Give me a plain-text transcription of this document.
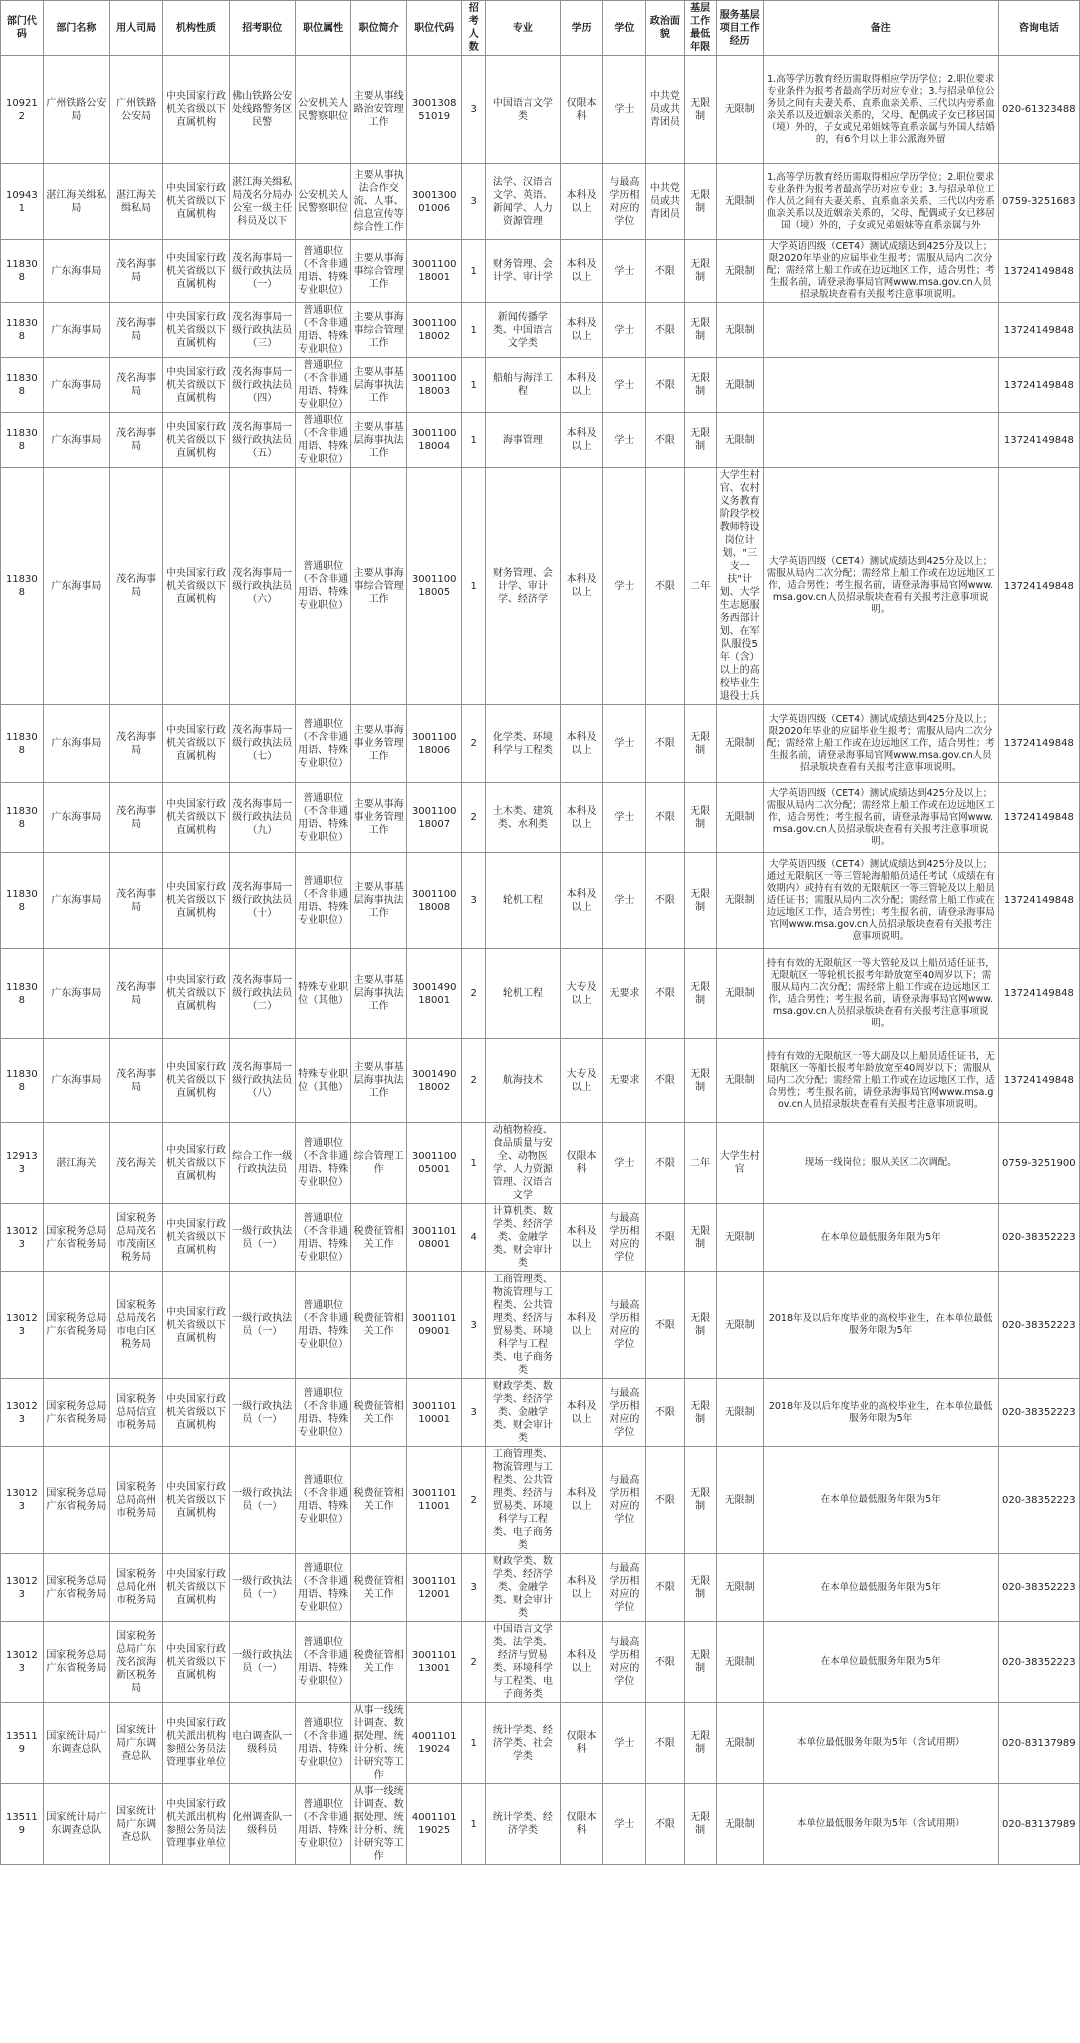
部门代码	部门名称	用人司局	机构性质	招考职位	职位属性	职位简介	职位代码	招考人数	专业	学历	学位	政治面貌	基层工作最低年限	服务基层项目工作经历	备注	咨询电话
109212	广州铁路公安局	广州铁路公安局	中央国家行政机关省级以下直属机构	佛山铁路公安处线路警务区民警	公安机关人民警察职位	主要从事线路治安管理工作	300130851019	3	中国语言文学类	仅限本科	学士	中共党员或共青团员	无限制	无限制	1.高等学历教育经历需取得相应学历学位；2.职位要求专业条件为报考者最高学历对应专业；3.与招录单位公务员之间有夫妻关系、直系血亲关系、三代以内旁系血亲关系以及近姻亲关系的，父母、配偶或子女已移居国（境）外的，子女或兄弟姐妹等直系亲属与外国人结婚的，有6个月以上非公派海外留	020-61323488
109431	湛江海关缉私局	湛江海关缉私局	中央国家行政机关省级以下直属机构	湛江海关缉私局茂名分局办公室一级主任科员及以下	公安机关人民警察职位	主要从事执法合作交流、人事、信息宣传等综合性工作	300130001006	3	法学、汉语言文学、英语、新闻学、人力资源管理	本科及以上	与最高学历相对应的学位	中共党员或共青团员	无限制	无限制	1.高等学历教育经历需取得相应学历学位；2.职位要求专业条件为报考者最高学历对应专业；3.与招录单位工作人员之间有夫妻关系、直系血亲关系、三代以内旁系血亲关系以及近姻亲关系的，父母、配偶或子女已移居国（境）外的，子女或兄弟姐妹等直系亲属与外	0759-3251683
118308	广东海事局	茂名海事局	中央国家行政机关省级以下直属机构	茂名海事局一级行政执法员（一）	普通职位（不含非通用语、特殊专业职位）	主要从事海事综合管理工作	300110018001	1	财务管理、会计学、审计学	本科及以上	学士	不限	无限制	无限制	大学英语四级（CET4）测试成绩达到425分及以上；限2020年毕业的应届毕业生报考；需服从局内二次分配；需经常上船工作或在边远地区工作，适合男性；考生报名前，请登录海事局官网www.msa.gov.cn人员招录版块查看有关报考注意事项说明。	13724149848
118308	广东海事局	茂名海事局	中央国家行政机关省级以下直属机构	茂名海事局一级行政执法员（三）	普通职位（不含非通用语、特殊专业职位）	主要从事海事综合管理工作	300110018002	1	新闻传播学类、中国语言文学类	本科及以上	学士	不限	无限制	无限制		13724149848
118308	广东海事局	茂名海事局	中央国家行政机关省级以下直属机构	茂名海事局一级行政执法员（四）	普通职位（不含非通用语、特殊专业职位）	主要从事基层海事执法工作	300110018003	1	船舶与海洋工程	本科及以上	学士	不限	无限制	无限制		13724149848
118308	广东海事局	茂名海事局	中央国家行政机关省级以下直属机构	茂名海事局一级行政执法员（五）	普通职位（不含非通用语、特殊专业职位）	主要从事基层海事执法工作	300110018004	1	海事管理	本科及以上	学士	不限	无限制	无限制		13724149848
118308	广东海事局	茂名海事局	中央国家行政机关省级以下直属机构	茂名海事局一级行政执法员（六）	普通职位（不含非通用语、特殊专业职位）	主要从事海事综合管理工作	300110018005	1	财务管理、会计学、审计学、经济学	本科及以上	学士	不限	二年	大学生村官、农村义务教育阶段学校教师特设岗位计划、"三支一扶"计划、大学生志愿服务西部计划、在军队服役5年（含）以上的高校毕业生退役士兵	大学英语四级（CET4）测试成绩达到425分及以上；需服从局内二次分配；需经常上船工作或在边远地区工作，适合男性；考生报名前，请登录海事局官网www.msa.gov.cn人员招录版块查看有关报考注意事项说明。	13724149848
118308	广东海事局	茂名海事局	中央国家行政机关省级以下直属机构	茂名海事局一级行政执法员（七）	普通职位（不含非通用语、特殊专业职位）	主要从事海事业务管理工作	300110018006	2	化学类、环境科学与工程类	本科及以上	学士	不限	无限制	无限制	大学英语四级（CET4）测试成绩达到425分及以上；限2020年毕业的应届毕业生报考；需服从局内二次分配；需经常上船工作或在边远地区工作，适合男性；考生报名前，请登录海事局官网www.msa.gov.cn人员招录版块查看有关报考注意事项说明。	13724149848
118308	广东海事局	茂名海事局	中央国家行政机关省级以下直属机构	茂名海事局一级行政执法员（九）	普通职位（不含非通用语、特殊专业职位）	主要从事海事业务管理工作	300110018007	2	土木类、建筑类、水利类	本科及以上	学士	不限	无限制	无限制	大学英语四级（CET4）测试成绩达到425分及以上；需服从局内二次分配；需经常上船工作或在边远地区工作，适合男性；考生报名前，请登录海事局官网www.msa.gov.cn人员招录版块查看有关报考注意事项说明。	13724149848
118308	广东海事局	茂名海事局	中央国家行政机关省级以下直属机构	茂名海事局一级行政执法员（十）	普通职位（不含非通用语、特殊专业职位）	主要从事基层海事执法工作	300110018008	3	轮机工程	本科及以上	学士	不限	无限制	无限制	大学英语四级（CET4）测试成绩达到425分及以上；通过无限航区一等三管轮海船船员适任考试（成绩在有效期内）或持有有效的无限航区一等三管轮及以上船员适任证书；需服从局内二次分配；需经常上船工作或在边远地区工作，适合男性；考生报名前，请登录海事局官网www.msa.gov.cn人员招录版块查看有关报考注意事项说明。	13724149848
118308	广东海事局	茂名海事局	中央国家行政机关省级以下直属机构	茂名海事局一级行政执法员（二）	特殊专业职位（其他）	主要从事基层海事执法工作	300149018001	2	轮机工程	大专及以上	无要求	不限	无限制	无限制	持有有效的无限航区一等大管轮及以上船员适任证书，无限航区一等轮机长报考年龄放宽至40周岁以下；需服从局内二次分配；需经常上船工作或在边远地区工作，适合男性；考生报名前，请登录海事局官网www.msa.gov.cn人员招录版块查看有关报考注意事项说明。	13724149848
118308	广东海事局	茂名海事局	中央国家行政机关省级以下直属机构	茂名海事局一级行政执法员（八）	特殊专业职位（其他）	主要从事基层海事执法工作	300149018002	2	航海技术	大专及以上	无要求	不限	无限制	无限制	持有有效的无限航区一等大副及以上船员适任证书，无限航区一等船长报考年龄放宽至40周岁以下；需服从局内二次分配；需经常上船工作或在边远地区工作，适合男性；考生报名前，请登录海事局官网www.msa.gov.cn人员招录版块查看有关报考注意事项说明。	13724149848
129133	湛江海关	茂名海关	中央国家行政机关省级以下直属机构	综合工作一级行政执法员	普通职位（不含非通用语、特殊专业职位）	综合管理工作	300110005001	1	动植物检疫、食品质量与安全、动物医学、人力资源管理、汉语言文学	仅限本科	学士	不限	二年	大学生村官	现场一线岗位；服从关区二次调配。	0759-3251900
130123	国家税务总局广东省税务局	国家税务总局茂名市茂南区税务局	中央国家行政机关省级以下直属机构	一级行政执法员（一）	普通职位（不含非通用语、特殊专业职位）	税费征管相关工作	300110108001	4	计算机类、数学类、经济学类、金融学类、财会审计类	本科及以上	与最高学历相对应的学位	不限	无限制	无限制	在本单位最低服务年限为5年	020-38352223
130123	国家税务总局广东省税务局	国家税务总局茂名市电白区税务局	中央国家行政机关省级以下直属机构	一级行政执法员（一）	普通职位（不含非通用语、特殊专业职位）	税费征管相关工作	300110109001	3	工商管理类、物流管理与工程类、公共管理类、经济与贸易类、环境科学与工程类、电子商务类	本科及以上	与最高学历相对应的学位	不限	无限制	无限制	2018年及以后年度毕业的高校毕业生，在本单位最低服务年限为5年	020-38352223
130123	国家税务总局广东省税务局	国家税务总局信宜市税务局	中央国家行政机关省级以下直属机构	一级行政执法员（一）	普通职位（不含非通用语、特殊专业职位）	税费征管相关工作	300110110001	3	财政学类、数学类、经济学类、金融学类、财会审计类	本科及以上	与最高学历相对应的学位	不限	无限制	无限制	2018年及以后年度毕业的高校毕业生，在本单位最低服务年限为5年	020-38352223
130123	国家税务总局广东省税务局	国家税务总局高州市税务局	中央国家行政机关省级以下直属机构	一级行政执法员（一）	普通职位（不含非通用语、特殊专业职位）	税费征管相关工作	300110111001	2	工商管理类、物流管理与工程类、公共管理类、经济与贸易类、环境科学与工程类、电子商务类	本科及以上	与最高学历相对应的学位	不限	无限制	无限制	在本单位最低服务年限为5年	020-38352223
130123	国家税务总局广东省税务局	国家税务总局化州市税务局	中央国家行政机关省级以下直属机构	一级行政执法员（一）	普通职位（不含非通用语、特殊专业职位）	税费征管相关工作	300110112001	3	财政学类、数学类、经济学类、金融学类、财会审计类	本科及以上	与最高学历相对应的学位	不限	无限制	无限制	在本单位最低服务年限为5年	020-38352223
130123	国家税务总局广东省税务局	国家税务总局广东茂名滨海新区税务局	中央国家行政机关省级以下直属机构	一级行政执法员（一）	普通职位（不含非通用语、特殊专业职位）	税费征管相关工作	300110113001	2	中国语言文学类、法学类、经济与贸易类、环境科学与工程类、电子商务类	本科及以上	与最高学历相对应的学位	不限	无限制	无限制	在本单位最低服务年限为5年	020-38352223
135119	国家统计局广东调查总队	国家统计局广东调查总队	中央国家行政机关派出机构参照公务员法管理事业单位	电白调查队一级科员	普通职位（不含非通用语、特殊专业职位）	从事一线统计调查、数据处理、统计分析、统计研究等工作	400110119024	1	统计学类、经济学类、社会学类	仅限本科	学士	不限	无限制	无限制	本单位最低服务年限为5年（含试用期）	020-83137989
135119	国家统计局广东调查总队	国家统计局广东调查总队	中央国家行政机关派出机构参照公务员法管理事业单位	化州调查队一级科员	普通职位（不含非通用语、特殊专业职位）	从事一线统计调查、数据处理、统计分析、统计研究等工作	400110119025	1	统计学类、经济学类	仅限本科	学士	不限	无限制	无限制	本单位最低服务年限为5年（含试用期）	020-83137989
